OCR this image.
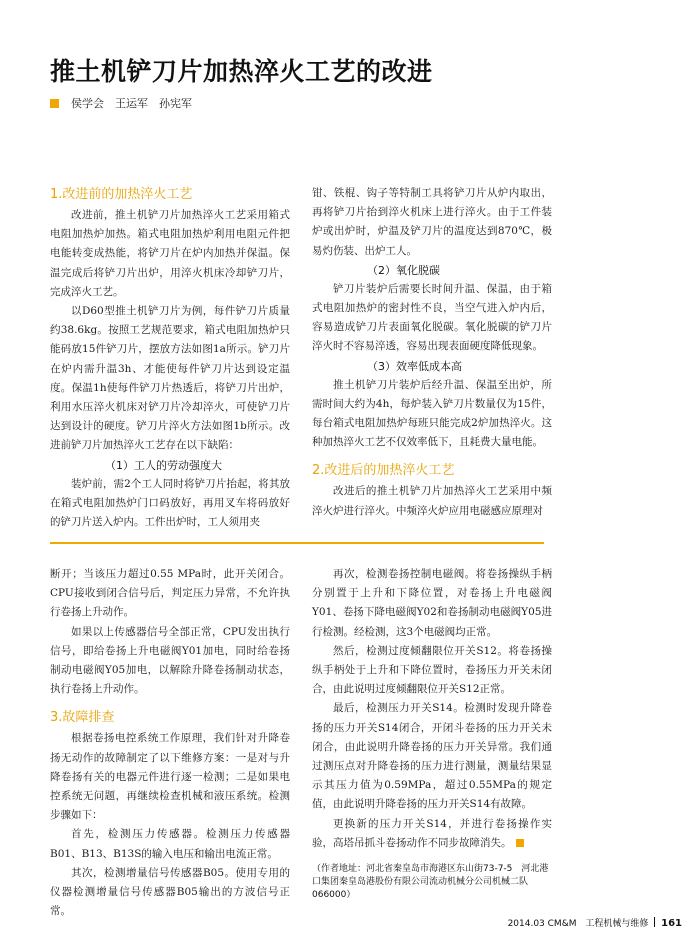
推土机铲刀片加热淬火工艺的改进
侯学会　王运军　孙宪军

1.改进前的加热淬火工艺

改进前，推土机铲刀片加热淬火工艺采用箱式电阻加热炉加热。箱式电阻加热炉利用电阻元件把电能转变成热能，将铲刀片在炉内加热并保温。保温完成后将铲刀片出炉，用淬火机床冷却铲刀片，完成淬火工艺。

以D60型推土机铲刀片为例，每件铲刀片质量约38.6kg。按照工艺规范要求，箱式电阻加热炉只能码放15件铲刀片，摆放方法如图1a所示。铲刀片在炉内需升温3h、才能使每件铲刀片达到设定温度。保温1h使每件铲刀片热透后，将铲刀片出炉，利用水压淬火机床对铲刀片冷却淬火，可使铲刀片达到设计的硬度。铲刀片淬火方法如图1b所示。改进前铲刀片加热淬火工艺存在以下缺陷：

（1）工人的劳动强度大

装炉前，需2个工人同时将铲刀片抬起，将其放在箱式电阻加热炉门口码放好，再用叉车将码放好的铲刀片送入炉内。工件出炉时，工人须用夹

钳、铁棍、钩子等特制工具将铲刀片从炉内取出，再将铲刀片抬到淬火机床上进行淬火。由于工件装炉或出炉时，炉温及铲刀片的温度达到870℃，极易灼伤装、出炉工人。

（2）氧化脱碳

铲刀片装炉后需要长时间升温、保温，由于箱式电阻加热炉的密封性不良，当空气进入炉内后，容易造成铲刀片表面氧化脱碳。氧化脱碳的铲刀片淬火时不容易淬透，容易出现表面硬度降低现象。

（3）效率低成本高

推土机铲刀片装炉后经升温、保温至出炉，所需时间大约为4h，每炉装入铲刀片数量仅为15件，每台箱式电阻加热炉每班只能完成2炉加热淬火。这种加热淬火工艺不仅效率低下，且耗费大量电能。

2.改进后的加热淬火工艺

改进后的推土机铲刀片加热淬火工艺采用中频淬火炉进行淬火。中频淬火炉应用电磁感应原理对

断开；当该压力超过0.55 MPa时，此开关闭合。CPU接收到闭合信号后，判定压力异常，不允许执行卷扬上升动作。

如果以上传感器信号全部正常，CPU发出执行信号，即给卷扬上升电磁阀Y01加电，同时给卷扬制动电磁阀Y05加电，以解除升降卷扬制动状态，执行卷扬上升动作。

3.故障排查

根据卷扬电控系统工作原理，我们针对升降卷扬无动作的故障制定了以下维修方案：一是对与升降卷扬有关的电器元件进行逐一检测；二是如果电控系统无问题，再继续检查机械和液压系统。检测步骤如下：

首先，检测压力传感器。检测压力传感器B01、B13、B13S的输入电压和输出电流正常。

其次，检测增量信号传感器B05。使用专用的仪器检测增量信号传感器B05输出的方波信号正常。

再次，检测卷扬控制电磁阀。将卷扬操纵手柄分别置于上升和下降位置，对卷扬上升电磁阀Y01、卷扬下降电磁阀Y02和卷扬制动电磁阀Y05进行检测。经检测，这3个电磁阀均正常。

然后，检测过度倾翻限位开关S12。将卷扬操纵手柄处于上升和下降位置时，卷扬压力开关未闭合，由此说明过度倾翻限位开关S12正常。

最后，检测压力开关S14。检测时发现升降卷扬的压力开关S14闭合，开闭斗卷扬的压力开关未闭合，由此说明升降卷扬的压力开关异常。我们通过测压点对升降卷扬的压力进行测量，测量结果显示其压力值为0.59MPa，超过0.55MPa的规定值，由此说明升降卷扬的压力开关S14有故障。

更换新的压力开关S14，并进行卷扬操作实验，高塔吊抓斗卷扬动作不同步故障消失。

（作者地址：河北省秦皇岛市海港区东山街73-7-5　河北港口集团秦皇岛港股份有限公司流动机械分公司机械二队　066000）
2014.03 CM&M 工程机械与维修 161
